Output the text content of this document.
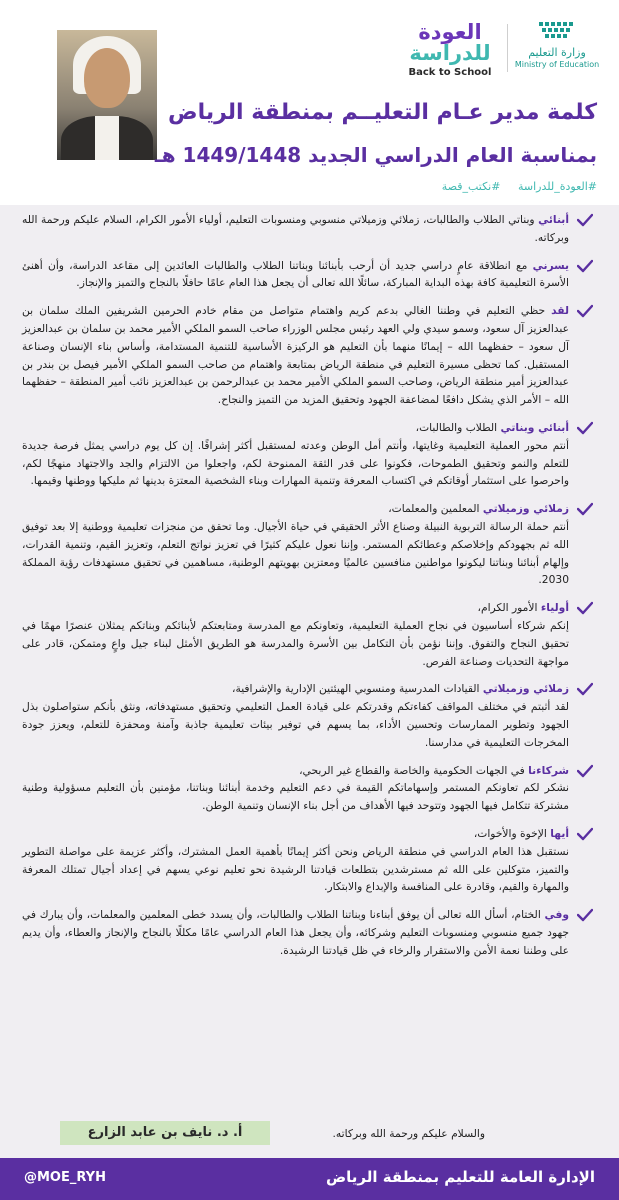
العودة
للدراسة
Back to School
وزارة التعليم
Ministry of Education
كلمة مدير عـام التعليــم بمنطقة الرياض
بمناسبة العام الدراسي الجديد 1449/1448 هـ
#العودة_للدراسة #نكتب_قصة

أبنائي وبناتي الطلاب والطالبات، زملائي وزميلاتي منسوبي ومنسوبات التعليم، أولياء الأمور الكرام، السلام عليكم ورحمة الله وبركاته.

يسرني مع انطلاقة عامٍ دراسي جديد أن أرحب بأبنائنا وبناتنا الطلاب والطالبات العائدين إلى مقاعد الدراسة، وأن أهنئ الأسرة التعليمية كافة بهذه البداية المباركة، سائلًا الله تعالى أن يجعل هذا العام عامًا حافلًا بالنجاح والتميز والإنجاز.

لقد حظي التعليم في وطننا الغالي بدعم كريم واهتمام متواصل من مقام خادم الحرمين الشريفين الملك سلمان بن عبدالعزيز آل سعود، وسمو سيدي ولي العهد رئيس مجلس الوزراء صاحب السمو الملكي الأمير محمد بن سلمان بن عبدالعزيز آل سعود – حفظهما الله – إيمانًا منهما بأن التعليم هو الركيزة الأساسية للتنمية المستدامة، وأساس بناء الإنسان وصناعة المستقبل. كما تحظى مسيرة التعليم في منطقة الرياض بمتابعة واهتمام من صاحب السمو الملكي الأمير فيصل بن بندر بن عبدالعزيز أمير منطقة الرياض، وصاحب السمو الملكي الأمير محمد بن عبدالرحمن بن عبدالعزيز نائب أمير المنطقة – حفظهما الله – الأمر الذي يشكل دافعًا لمضاعفة الجهود وتحقيق المزيد من التميز والنجاح.

أبنائي وبناتي الطلاب والطالبات،
أنتم محور العملية التعليمية وغايتها، وأنتم أمل الوطن وعدته لمستقبل أكثر إشراقًا. إن كل يوم دراسي يمثل فرصة جديدة للتعلم والنمو وتحقيق الطموحات، فكونوا على قدر الثقة الممنوحة لكم، واجعلوا من الالتزام والجد والاجتهاد منهجًا لكم، واحرصوا على استثمار أوقاتكم في اكتساب المعرفة وتنمية المهارات وبناء الشخصية المعتزة بدينها ثم مليكها ووطنها وقيمها.

زملائي وزميلاتي المعلمين والمعلمات،
أنتم حملة الرسالة التربوية النبيلة وصناع الأثر الحقيقي في حياة الأجيال. وما تحقق من منجزات تعليمية ووطنية إلا بعد توفيق الله ثم بجهودكم وإخلاصكم وعطائكم المستمر. وإننا نعول عليكم كثيرًا في تعزيز نواتج التعلم، وتعزيز القيم، وتنمية القدرات، وإلهام أبنائنا وبناتنا ليكونوا مواطنين منافسين عالميًا ومعتزين بهويتهم الوطنية، مساهمين في تحقيق مستهدفات رؤية المملكة 2030.

أولياء الأمور الكرام،
إنكم شركاء أساسيون في نجاح العملية التعليمية، وتعاونكم مع المدرسة ومتابعتكم لأبنائكم وبناتكم يمثلان عنصرًا مهمًا في تحقيق النجاح والتفوق. وإننا نؤمن بأن التكامل بين الأسرة والمدرسة هو الطريق الأمثل لبناء جيل واعٍ ومتمكن، قادر على مواجهة التحديات وصناعة الفرص.

زملائي وزميلاتي القيادات المدرسية ومنسوبي الهيئتين الإدارية والإشرافية،
لقد أثبتم في مختلف المواقف كفاءتكم وقدرتكم على قيادة العمل التعليمي وتحقيق مستهدفاته، ونثق بأنكم ستواصلون بذل الجهود وتطوير الممارسات وتحسين الأداء، بما يسهم في توفير بيئات تعليمية جاذبة وآمنة ومحفزة للتعلم، ويعزز جودة المخرجات التعليمية في مدارسنا.

شركاءنا في الجهات الحكومية والخاصة والقطاع غير الربحي،
نشكر لكم تعاونكم المستمر وإسهاماتكم القيمة في دعم التعليم وخدمة أبنائنا وبناتنا، مؤمنين بأن التعليم مسؤولية وطنية مشتركة تتكامل فيها الجهود وتتوحد فيها الأهداف من أجل بناء الإنسان وتنمية الوطن.

أيها الإخوة والأخوات،
نستقبل هذا العام الدراسي في منطقة الرياض ونحن أكثر إيمانًا بأهمية العمل المشترك، وأكثر عزيمة على مواصلة التطوير والتميز، متوكلين على الله ثم مسترشدين بتطلعات قيادتنا الرشيدة نحو تعليم نوعي يسهم في إعداد أجيال تمتلك المعرفة والمهارة والقيم، وقادرة على المنافسة والإبداع والابتكار.

وفي الختام، أسأل الله تعالى أن يوفق أبناءنا وبناتنا الطلاب والطالبات، وأن يسدد خطى المعلمين والمعلمات، وأن يبارك في جهود جميع منسوبي ومنسوبات التعليم وشركائه، وأن يجعل هذا العام الدراسي عامًا مكللًا بالنجاح والإنجاز والعطاء، وأن يديم على وطننا نعمة الأمن والاستقرار والرخاء في ظل قيادتنا الرشيدة.

والسلام عليكم ورحمة الله وبركاته.
أ. د. نايف بن عابد الزارع
الإدارة العامة للتعليم بمنطقة الرياض
@MOE_RYH
